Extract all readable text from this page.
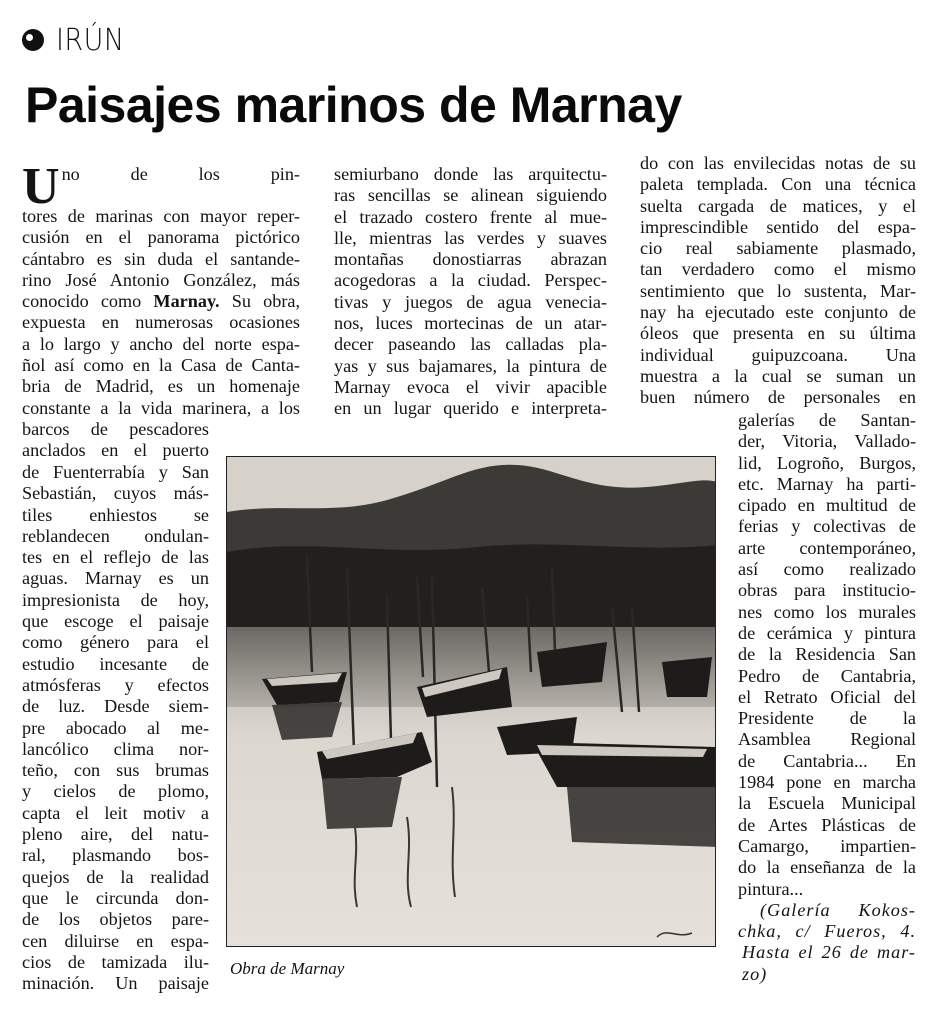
IRÚN
Paisajes marinos de Marnay
U no de los pin-
tores de marinas con mayor reper-
cusión en el panorama pictórico
cántabro es sin duda el santande-
rino José Antonio González, más
conocido como Marnay. Su obra,
expuesta en numerosas ocasiones
a lo largo y ancho del norte espa-
ñol así como en la Casa de Canta-
bria de Madrid, es un homenaje
constante a la vida marinera, a los
barcos de pescadores
anclados en el puerto
de Fuenterrabía y San
Sebastián, cuyos más-
tiles enhiestos se
reblandecen ondulan-
tes en el reflejo de las
aguas. Marnay es un
impresionista de hoy,
que escoge el paisaje
como género para el
estudio incesante de
atmósferas y efectos
de luz. Desde siem-
pre abocado al me-
lancólico clima nor-
teño, con sus brumas
y cielos de plomo,
capta el leit motiv a
pleno aire, del natu-
ral, plasmando bos-
quejos de la realidad
que le circunda don-
de los objetos pare-
cen diluirse en espa-
cios de tamizada ilu-
minación. Un paisaje
semiurbano donde las arquitectu-
ras sencillas se alinean siguiendo
el trazado costero frente al mue-
lle, mientras las verdes y suaves
montañas donostiarras abrazan
acogedoras a la ciudad. Perspec-
tivas y juegos de agua venecia-
nos, luces mortecinas de un atar-
decer paseando las calladas pla-
yas y sus bajamares, la pintura de
Marnay evoca el vivir apacible
en un lugar querido e interpreta-
do con las envilecidas notas de su
paleta templada. Con una técnica
suelta cargada de matices, y el
imprescindible sentido del espa-
cio real sabiamente plasmado,
tan verdadero como el mismo
sentimiento que lo sustenta, Mar-
nay ha ejecutado este conjunto de
óleos que presenta en su última
individual guipuzcoana. Una
muestra a la cual se suman un
buen número de personales en
galerías de Santan-
der, Vitoria, Vallado-
lid, Logroño, Burgos,
etc. Marnay ha parti-
cipado en multitud de
ferias y colectivas de
arte contemporáneo,
así como realizado
obras para institucio-
nes como los murales
de cerámica y pintura
de la Residencia San
Pedro de Cantabria,
el Retrato Oficial del
Presidente de la
Asamblea Regional
de Cantabria... En
1984 pone en marcha
la Escuela Municipal
de Artes Plásticas de
Camargo, impartien-
do la enseñanza de la
pintura...
(Galería Kokos-
chka, c/ Fueros, 4.
Hasta el 26 de mar-
zo)
Obra de Marnay
